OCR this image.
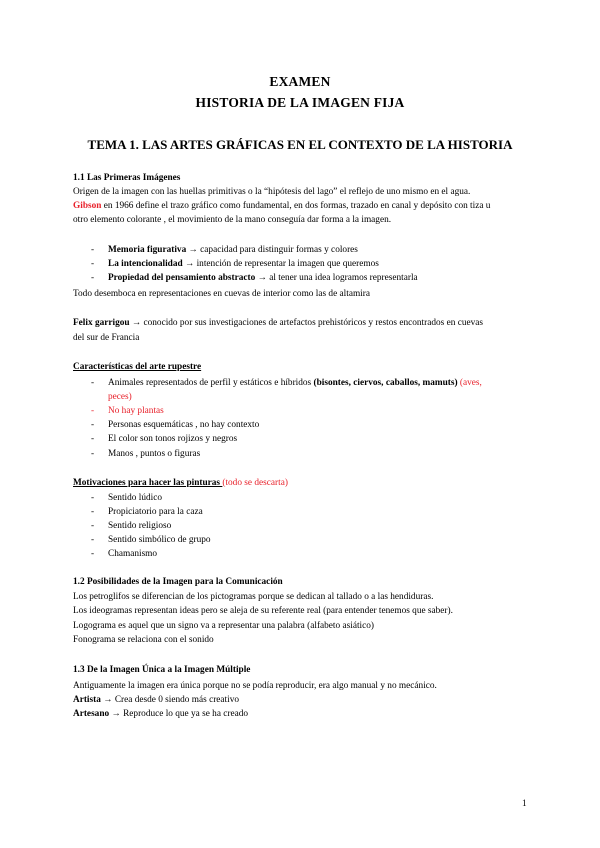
EXAMEN
HISTORIA DE LA IMAGEN FIJA
TEMA 1. LAS ARTES GRÁFICAS EN EL CONTEXTO DE LA HISTORIA
1.1 Las Primeras Imágenes
Origen de la imagen con las huellas primitivas o la “hipótesis del lago” el reflejo de uno mismo en el agua.
Gibson en 1966 define el trazo gráfico como fundamental, en dos formas, trazado en canal y depósito con tiza u
otro elemento colorante , el movimiento de la mano conseguía dar forma a la imagen.
- Memoria figurativa → capacidad para distinguir formas y colores
- La intencionalidad → intención de representar la imagen que queremos
- Propiedad del pensamiento abstracto → al tener una idea logramos representarla
Todo desemboca en representaciones en cuevas de interior como las de altamira
Felix garrigou → conocido por sus investigaciones de artefactos prehistóricos y restos encontrados en cuevas
del sur de Francia
Características del arte rupestre
- Animales representados de perfil y estáticos e híbridos (bisontes, ciervos, caballos, mamuts) (aves,
peces)
- No hay plantas
- Personas esquemáticas , no hay contexto
- El color son tonos rojizos y negros
- Manos , puntos o figuras
Motivaciones para hacer las pinturas (todo se descarta)
- Sentido lúdico
- Propiciatorio para la caza
- Sentido religioso
- Sentido simbólico de grupo
- Chamanismo
1.2 Posibilidades de la Imagen para la Comunicación
Los petroglifos se diferencian de los pictogramas porque se dedican al tallado o a las hendiduras.
Los ideogramas representan ideas pero se aleja de su referente real (para entender tenemos que saber).
Logograma es aquel que un signo va a representar una palabra (alfabeto asiático)
Fonograma se relaciona con el sonido
1.3 De la Imagen Única a la Imagen Múltiple
Antiguamente la imagen era única porque no se podía reproducir, era algo manual y no mecánico.
Artista → Crea desde 0 siendo más creativo
Artesano → Reproduce lo que ya se ha creado
1
